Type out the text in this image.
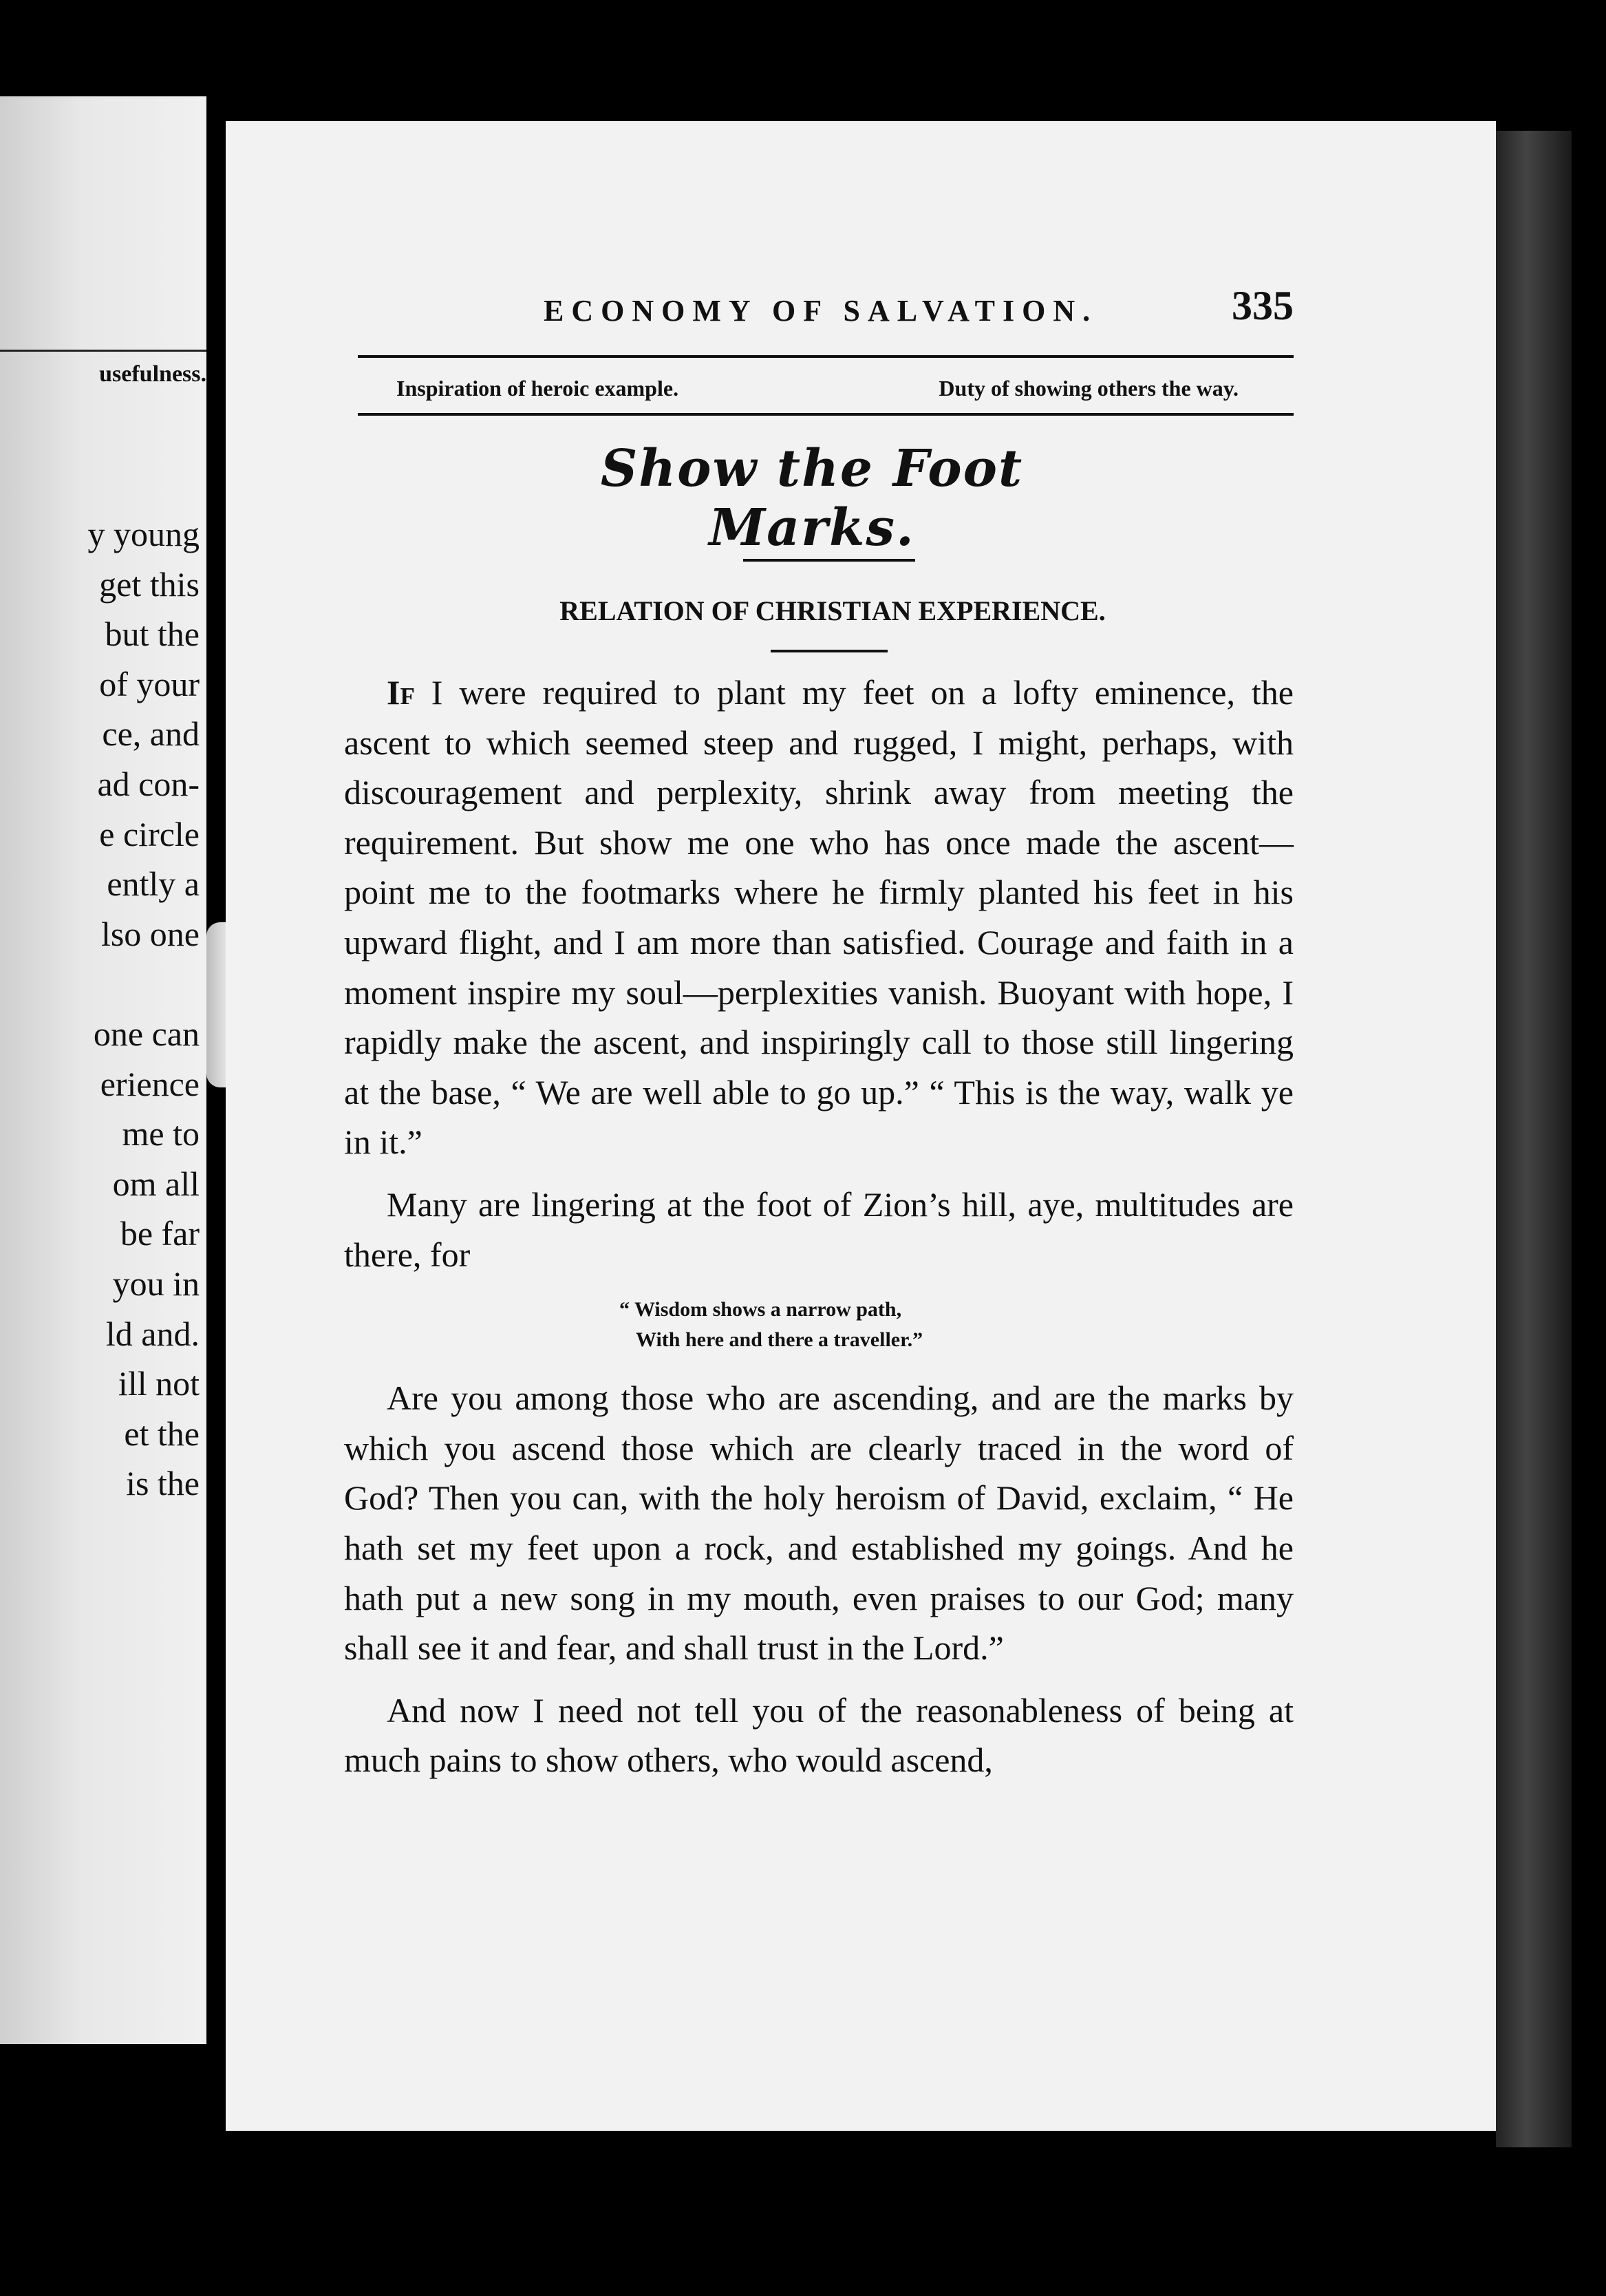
usefulness.
y young
get this
but the
of your
ce, and
ad con-
e circle
ently a
lso one
one can
erience
me to
om all
be far
you in
ld and.
ill not
et the
is the
ECONOMY OF SALVATION.	335
Inspiration of heroic example.	Duty of showing others the way.
Show the Foot Marks.
RELATION OF CHRISTIAN EXPERIENCE.

If I were required to plant my feet on a lofty eminence, the ascent to which seemed steep and rugged, I might, perhaps, with discouragement and perplexity, shrink away from meeting the requirement. But show me one who has once made the ascent—point me to the footmarks where he firmly planted his feet in his upward flight, and I am more than satisfied. Courage and faith in a moment inspire my soul—perplexities vanish. Buoyant with hope, I rapidly make the ascent, and inspiringly call to those still lingering at the base, “ We are well able to go up.” “ This is the way, walk ye in it.”

Many are lingering at the foot of Zion’s hill, aye, multitudes are there, for

“ Wisdom shows a narrow path,
With here and there a traveller.”

Are you among those who are ascending, and are the marks by which you ascend those which are clearly traced in the word of God? Then you can, with the holy heroism of David, exclaim, “ He hath set my feet upon a rock, and established my goings. And he hath put a new song in my mouth, even praises to our God; many shall see it and fear, and shall trust in the Lord.”

And now I need not tell you of the reasonableness of being at much pains to show others, who would ascend,
